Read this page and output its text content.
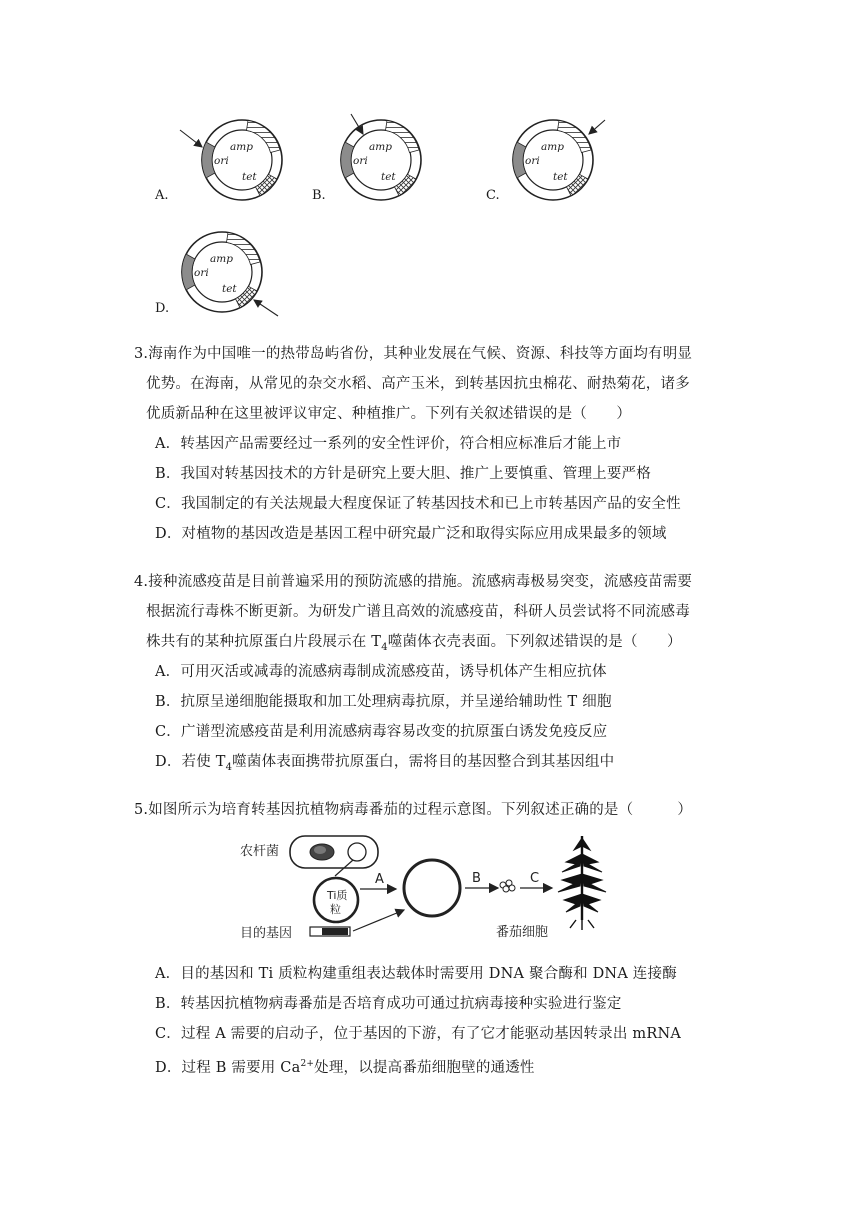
amp
ori
tet
amp
ori
tet
amp
ori
tet
amp
ori
tet
A.	B.	C.
D.
3.海南作为中国唯一的热带岛屿省份，其种业发展在气候、资源、科技等方面均有明显
优势。在海南，从常见的杂交水稻、高产玉米，到转基因抗虫棉花、耐热菊花，诸多
优质新品种在这里被评议审定、种植推广。下列有关叙述错误的是（　　）
A．转基因产品需要经过一系列的安全性评价，符合相应标准后才能上市
B．我国对转基因技术的方针是研究上要大胆、推广上要慎重、管理上要严格
C．我国制定的有关法规最大程度保证了转基因技术和已上市转基因产品的安全性
D．对植物的基因改造是基因工程中研究最广泛和取得实际应用成果最多的领域
4.接种流感疫苗是目前普遍采用的预防流感的措施。流感病毒极易突变，流感疫苗需要
根据流行毒株不断更新。为研发广谱且高效的流感疫苗，科研人员尝试将不同流感毒
株共有的某种抗原蛋白片段展示在 $T_4$噬菌体衣壳表面。下列叙述错误的是（　　）
A．可用灭活或减毒的流感病毒制成流感疫苗，诱导机体产生相应抗体
B．抗原呈递细胞能摄取和加工处理病毒抗原，并呈递给辅助性 T 细胞
C．广谱型流感疫苗是利用流感病毒容易改变的抗原蛋白诱发免疫反应
D．若使 $T_4$噬菌体表面携带抗原蛋白，需将目的基因整合到其基因组中
5.如图所示为培育转基因抗植物病毒番茄的过程示意图。下列叙述正确的是（　　　）
农杆菌
Ti质
粒
目的基因
A	B
番茄细胞
C
A．目的基因和 Ti 质粒构建重组表达载体时需要用 DNA 聚合酶和 DNA 连接酶
B．转基因抗植物病毒番茄是否培育成功可通过抗病毒接种实验进行鉴定
C．过程 A 需要的启动子，位于基因的下游，有了它才能驱动基因转录出 mRNA
D．过程 B 需要用 $Ca^{2+}$处理，以提高番茄细胞壁的通透性
